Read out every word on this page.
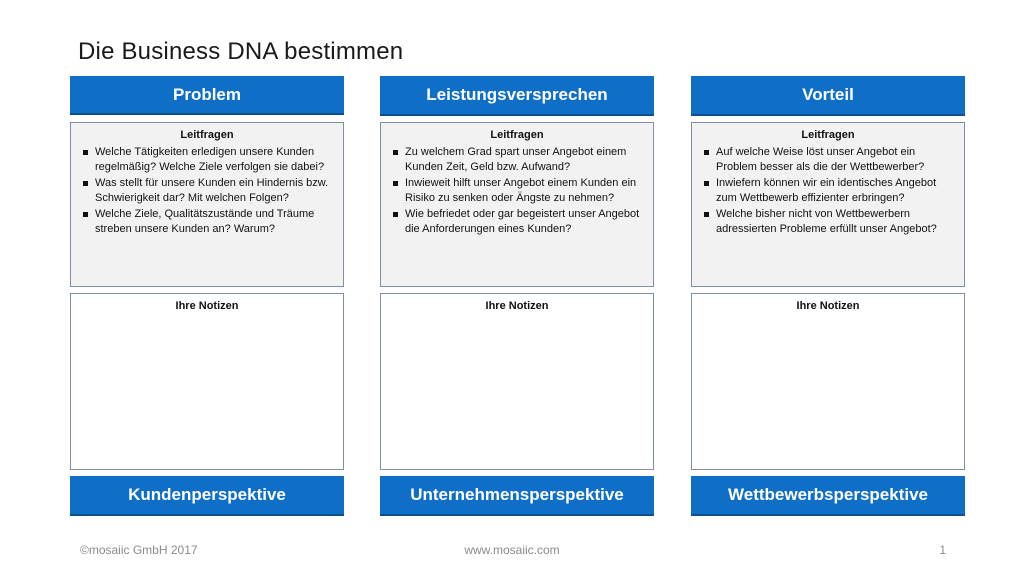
Die Business DNA bestimmen
Problem
Leitfragen
Welche Tätigkeiten erledigen unsere Kunden regelmäßig? Welche Ziele verfolgen sie dabei?
Was stellt für unsere Kunden ein Hindernis bzw. Schwierigkeit dar? Mit welchen Folgen?
Welche Ziele, Qualitätszustände und Träume streben unsere Kunden an? Warum?
Ihre Notizen
Kundenperspektive
Leistungsversprechen
Leitfragen
Zu welchem Grad spart unser Angebot einem Kunden Zeit, Geld bzw. Aufwand?
Inwieweit hilft unser Angebot einem Kunden ein Risiko zu senken oder Ängste zu nehmen?
Wie befriedet oder gar begeistert unser Angebot die Anforderungen eines Kunden?
Ihre Notizen
Unternehmensperspektive
Vorteil
Leitfragen
Auf welche Weise löst unser Angebot ein Problem besser als die der Wettbewerber?
Inwiefern können wir ein identisches Angebot zum Wettbewerb effizienter erbringen?
Welche bisher nicht von Wettbewerbern adressierten Probleme erfüllt unser Angebot?
Ihre Notizen
Wettbewerbsperspektive
©mosaiic GmbH 2017	www.mosaiic.com	1
